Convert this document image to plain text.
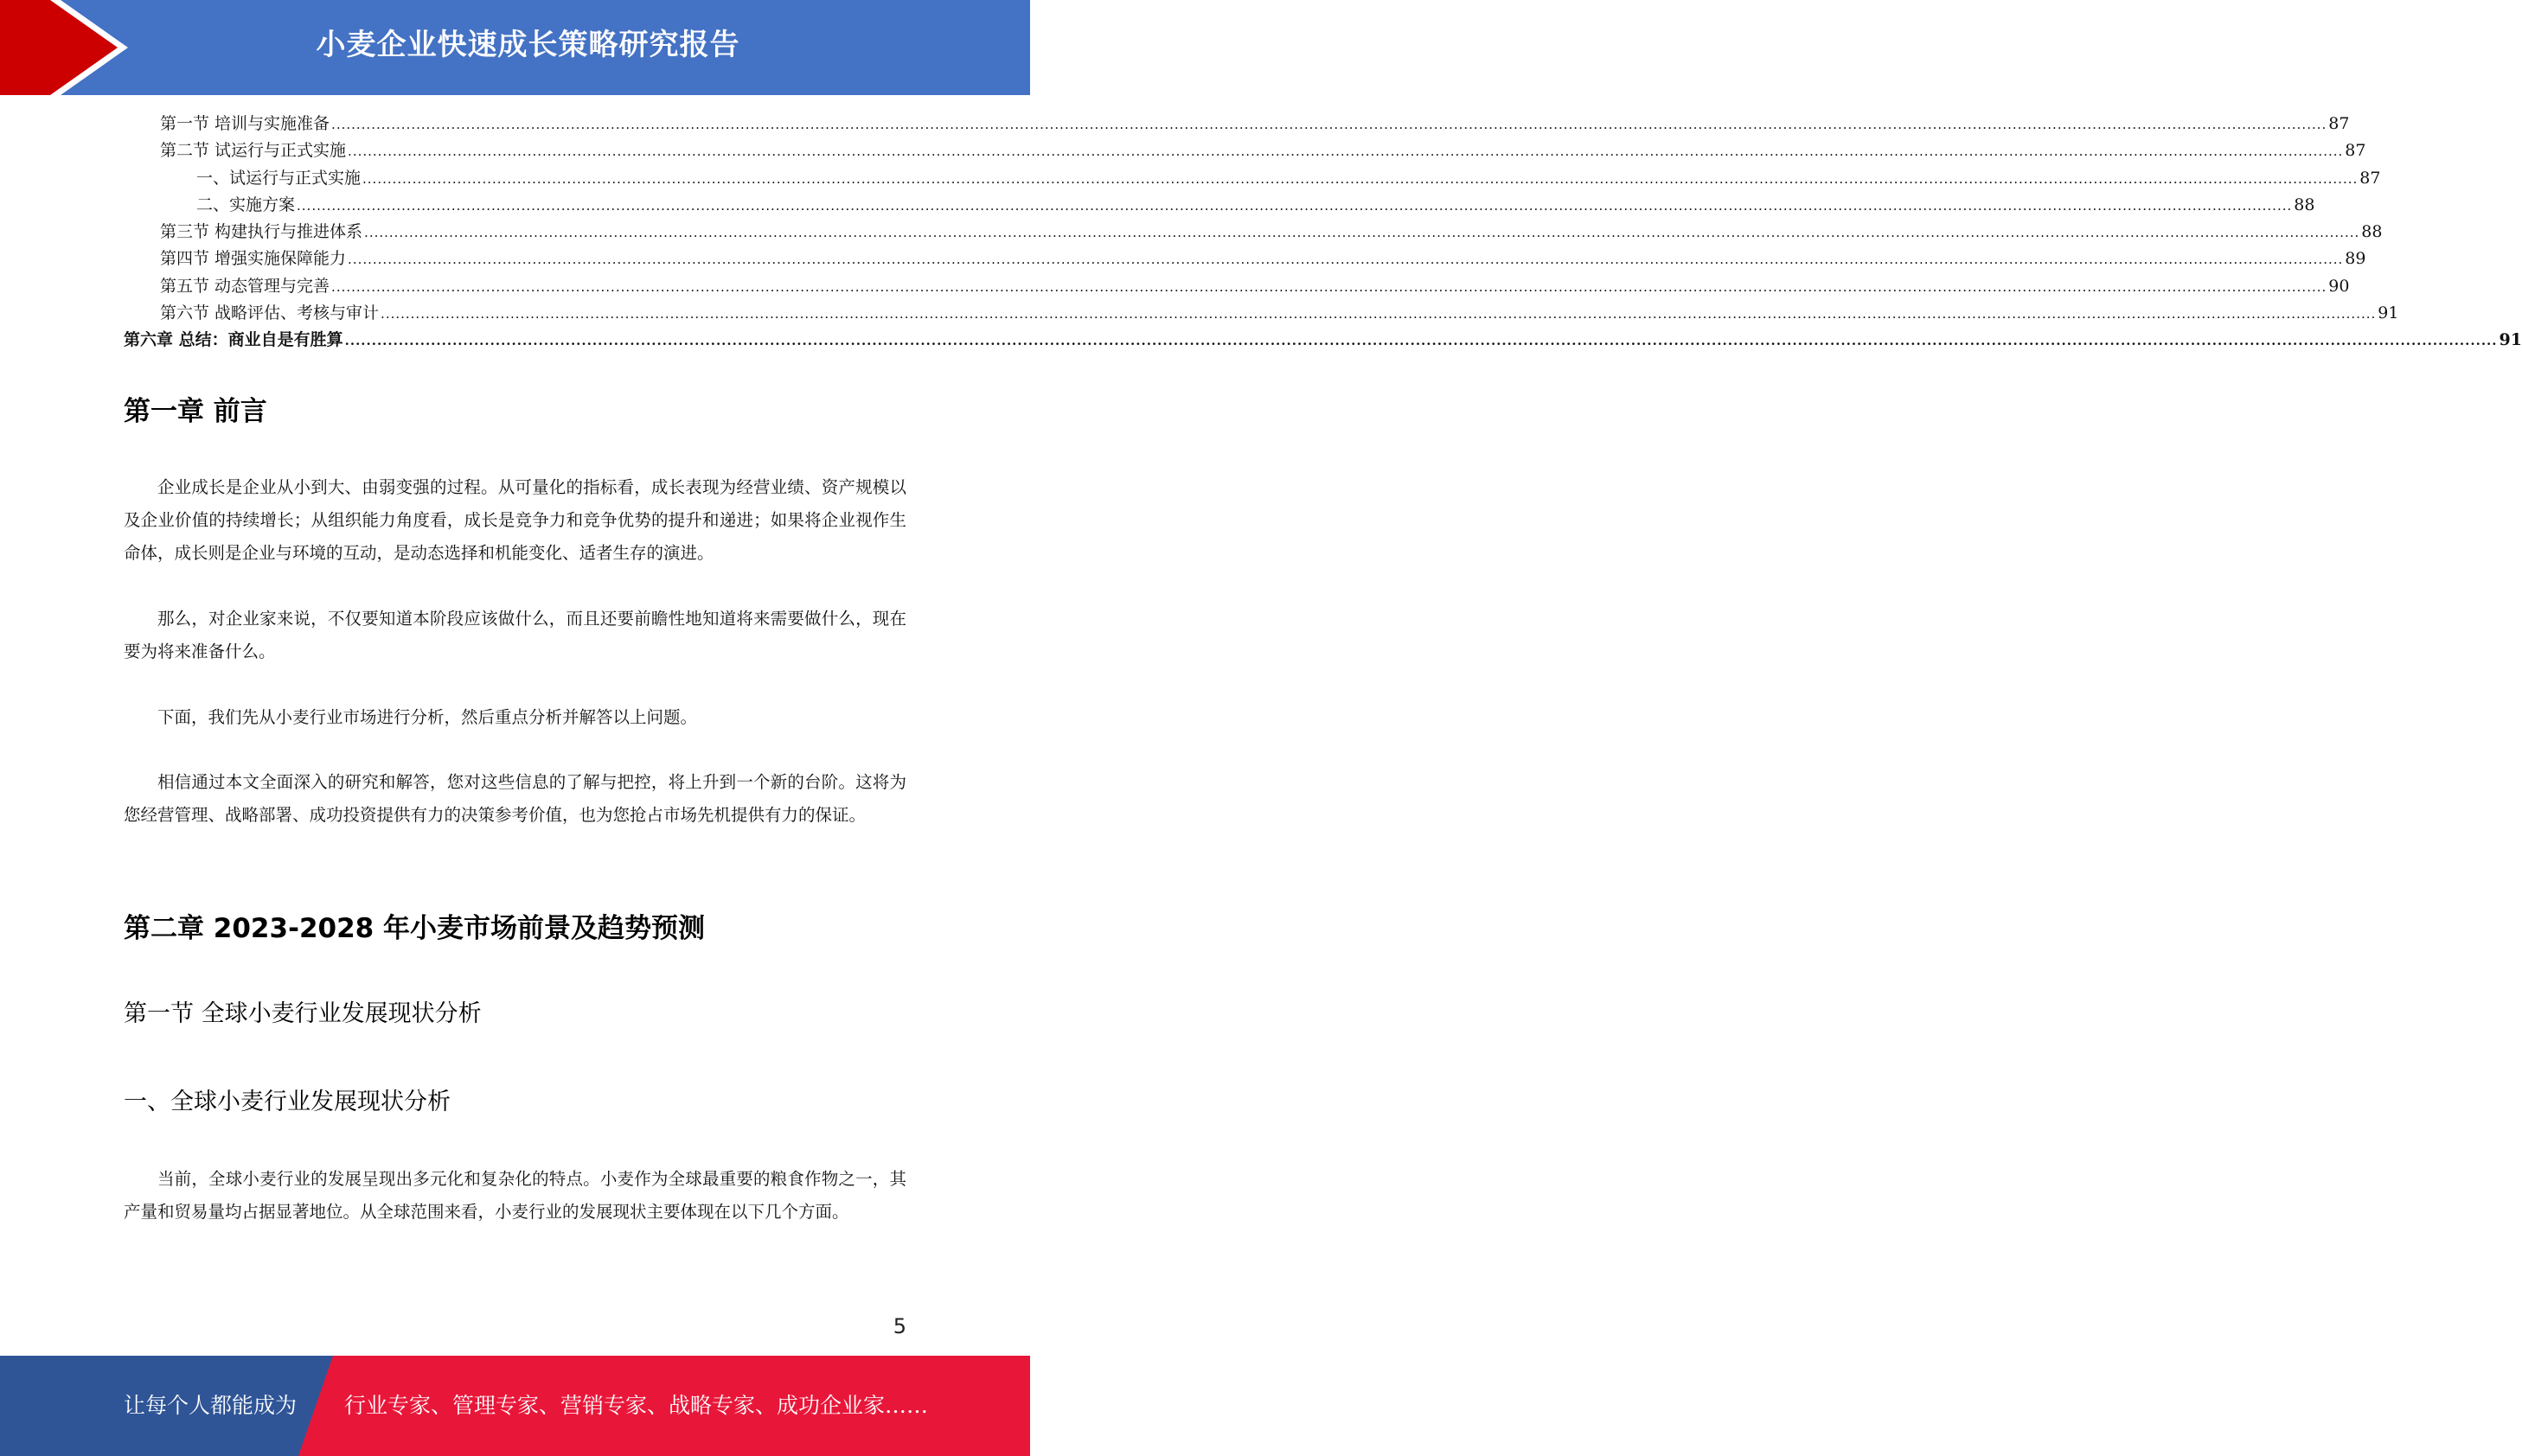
小麦企业快速成长策略研究报告
第一节 培训与实施准备 ................................................................................................................................................................................................................................................................................................................................................................................................................ 87
第二节 试运行与正式实施 ................................................................................................................................................................................................................................................................................................................................................................................................................ 87
一、试运行与正式实施 ................................................................................................................................................................................................................................................................................................................................................................................................................ 87
二、实施方案 ................................................................................................................................................................................................................................................................................................................................................................................................................ 88
第三节 构建执行与推进体系 ................................................................................................................................................................................................................................................................................................................................................................................................................ 88
第四节 增强实施保障能力 ................................................................................................................................................................................................................................................................................................................................................................................................................ 89
第五节 动态管理与完善 ................................................................................................................................................................................................................................................................................................................................................................................................................ 90
第六节 战略评估、考核与审计 ................................................................................................................................................................................................................................................................................................................................................................................................................ 91
第六章 总结：商业自是有胜算 ................................................................................................................................................................................................................................................................................................................................................................................................................ 91
第一章 前言

企业成长是企业从小到大、由弱变强的过程。从可量化的指标看，成长表现为经营业绩、资产规模以及企业价值的持续增长；从组织能力角度看，成长是竞争力和竞争优势的提升和递进；如果将企业视作生命体，成长则是企业与环境的互动，是动态选择和机能变化、适者生存的演进。

那么，对企业家来说，不仅要知道本阶段应该做什么，而且还要前瞻性地知道将来需要做什么，现在要为将来准备什么。

下面，我们先从小麦行业市场进行分析，然后重点分析并解答以上问题。

相信通过本文全面深入的研究和解答，您对这些信息的了解与把控，将上升到一个新的台阶。这将为您经营管理、战略部署、成功投资提供有力的决策参考价值，也为您抢占市场先机提供有力的保证。

第二章 2023-2028 年小麦市场前景及趋势预测
第一节 全球小麦行业发展现状分析
一、全球小麦行业发展现状分析

当前，全球小麦行业的发展呈现出多元化和复杂化的特点。小麦作为全球最重要的粮食作物之一，其产量和贸易量均占据显著地位。从全球范围来看，小麦行业的发展现状主要体现在以下几个方面。

5
让每个人都能成为 行业专家、管理专家、营销专家、战略专家、成功企业家……
